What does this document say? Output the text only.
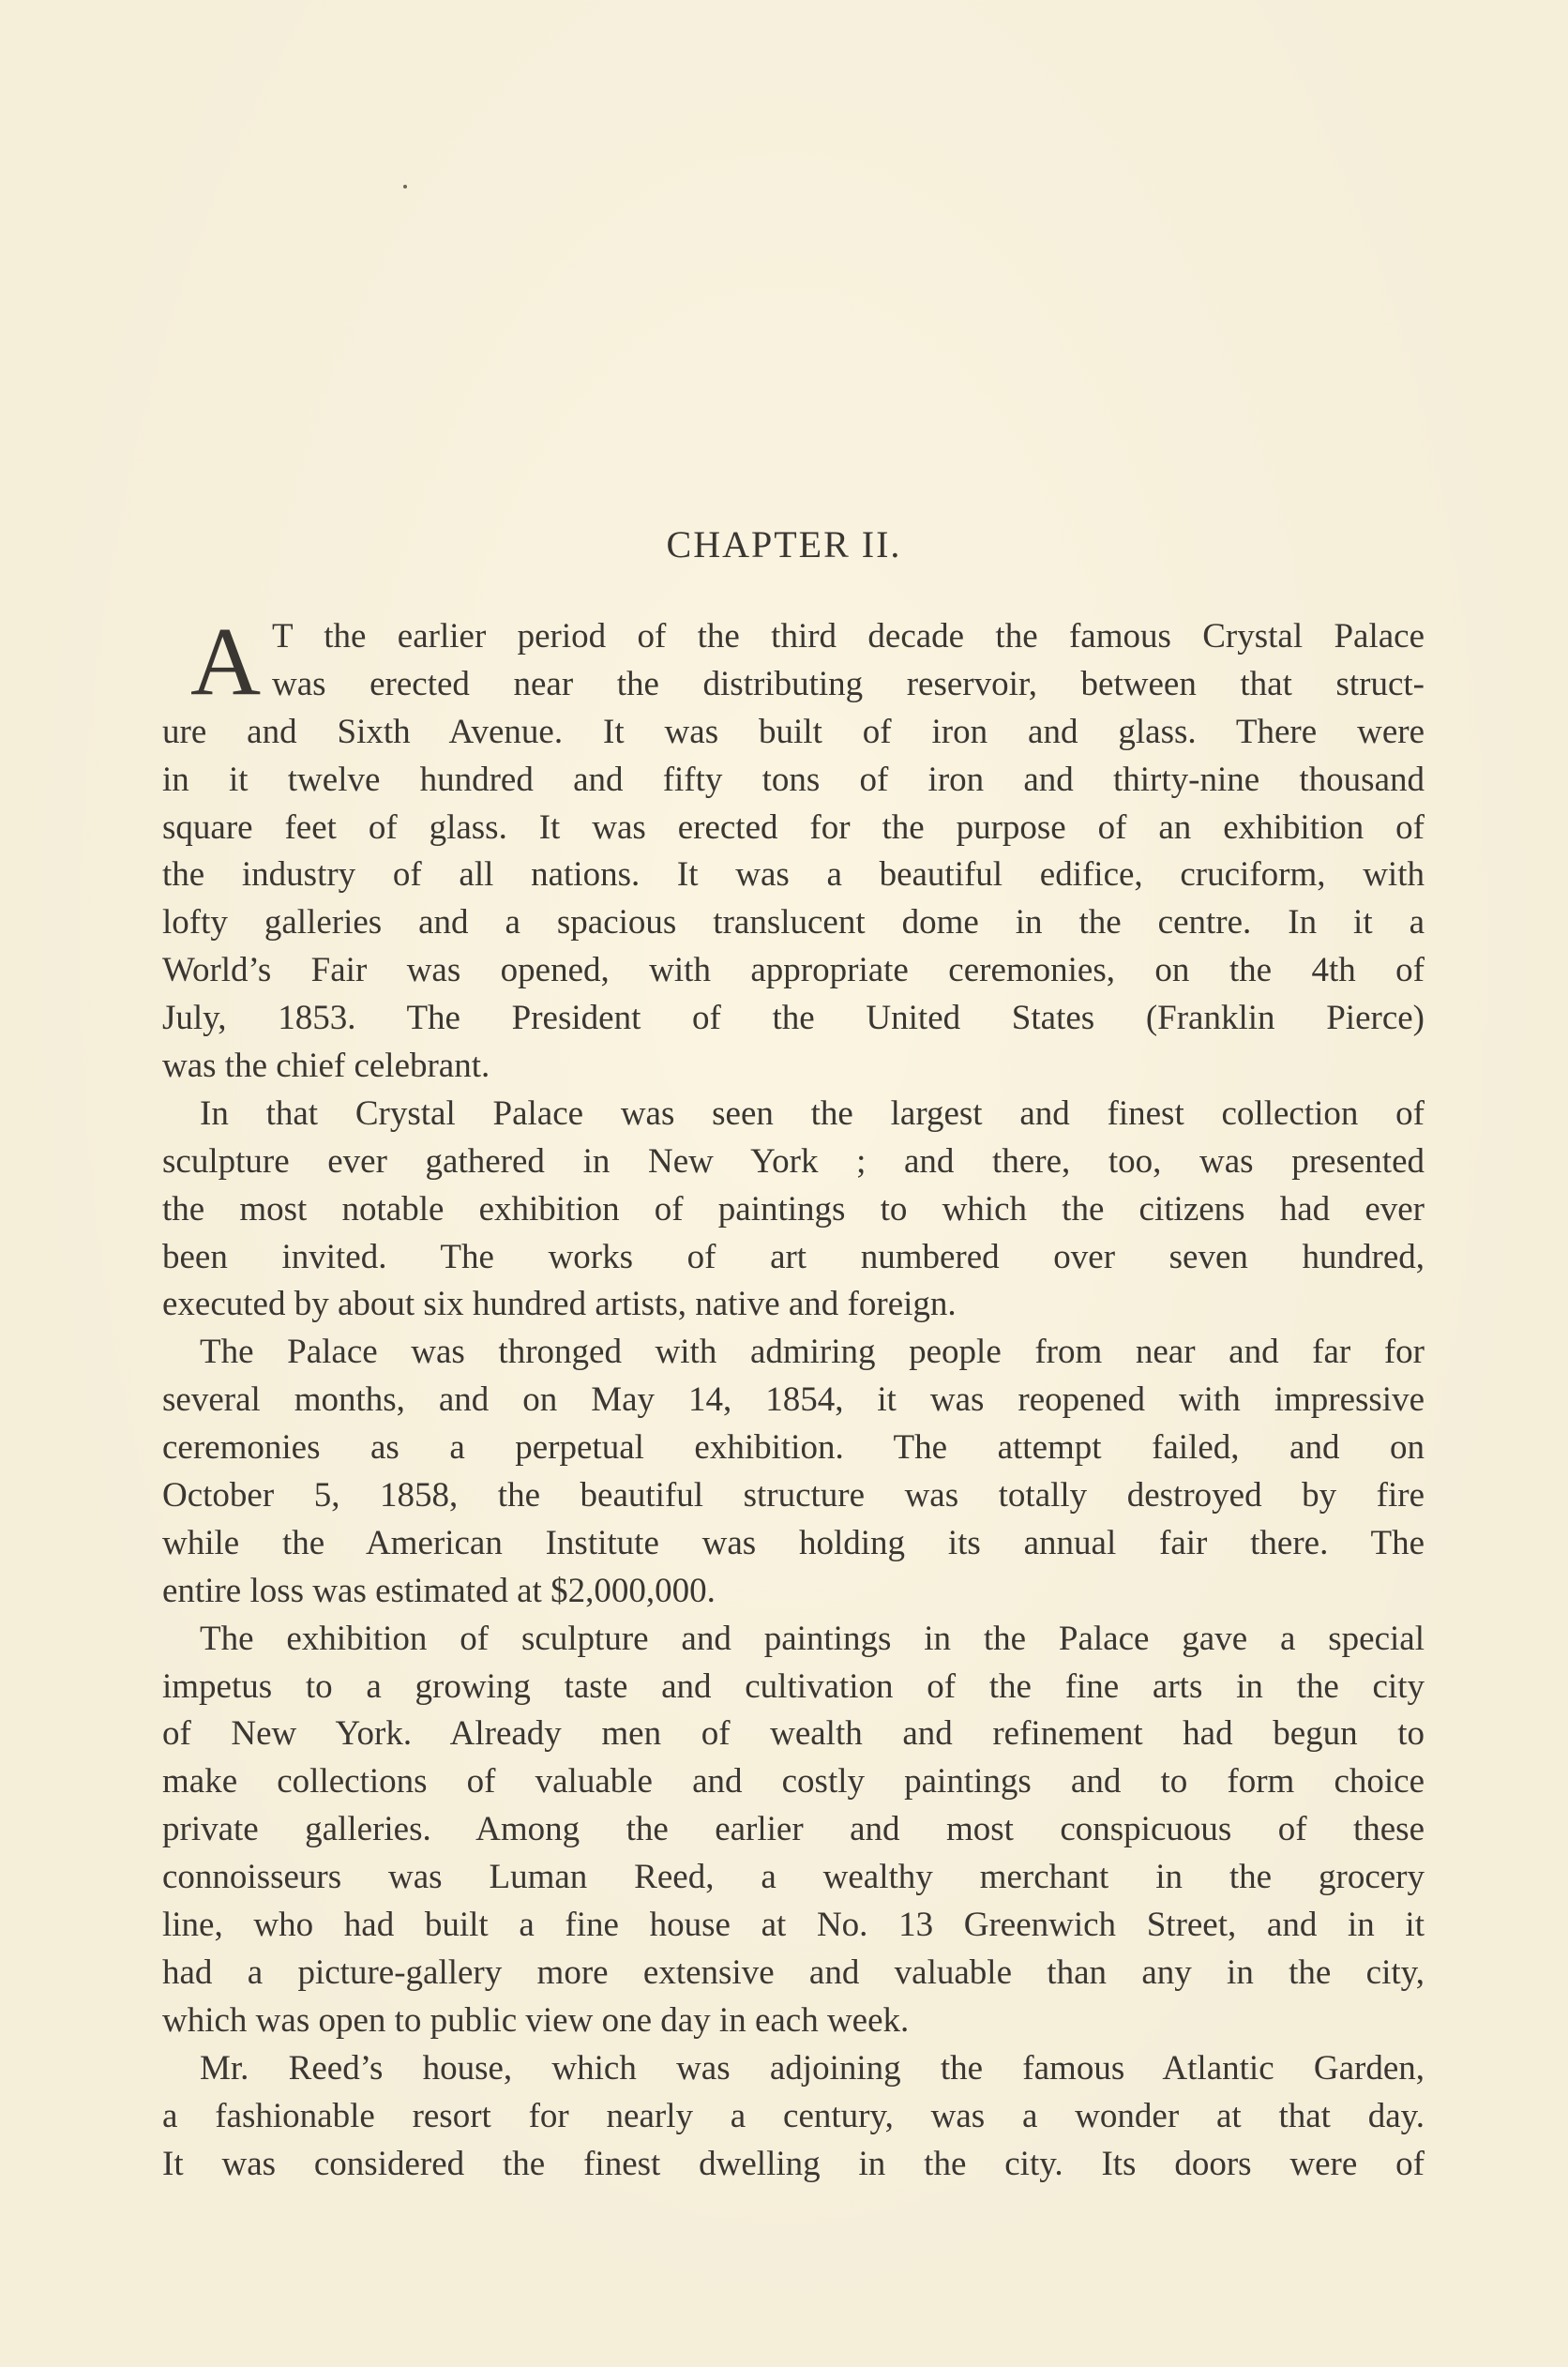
CHAPTER II.
A T the earlier period of the third decade the famous Crystal Palace
was erected near the distributing reservoir, between that struct-
ure and Sixth Avenue. It was built of iron and glass. There were
in it twelve hundred and fifty tons of iron and thirty-nine thousand
square feet of glass. It was erected for the purpose of an exhibition of
the industry of all nations. It was a beautiful edifice, cruciform, with
lofty galleries and a spacious translucent dome in the centre. In it a
World’s Fair was opened, with appropriate ceremonies, on the 4th of
July, 1853. The President of the United States (Franklin Pierce)
was the chief celebrant.
In that Crystal Palace was seen the largest and finest collection of
sculpture ever gathered in New York ; and there, too, was presented
the most notable exhibition of paintings to which the citizens had ever
been invited. The works of art numbered over seven hundred,
executed by about six hundred artists, native and foreign.
The Palace was thronged with admiring people from near and far for
several months, and on May 14, 1854, it was reopened with impressive
ceremonies as a perpetual exhibition. The attempt failed, and on
October 5, 1858, the beautiful structure was totally destroyed by fire
while the American Institute was holding its annual fair there. The
entire loss was estimated at $2,000,000.
The exhibition of sculpture and paintings in the Palace gave a special
impetus to a growing taste and cultivation of the fine arts in the city
of New York. Already men of wealth and refinement had begun to
make collections of valuable and costly paintings and to form choice
private galleries. Among the earlier and most conspicuous of these
connoisseurs was Luman Reed, a wealthy merchant in the grocery
line, who had built a fine house at No. 13 Greenwich Street, and in it
had a picture-gallery more extensive and valuable than any in the city,
which was open to public view one day in each week.
Mr. Reed’s house, which was adjoining the famous Atlantic Garden,
a fashionable resort for nearly a century, was a wonder at that day.
It was considered the finest dwelling in the city. Its doors were of
